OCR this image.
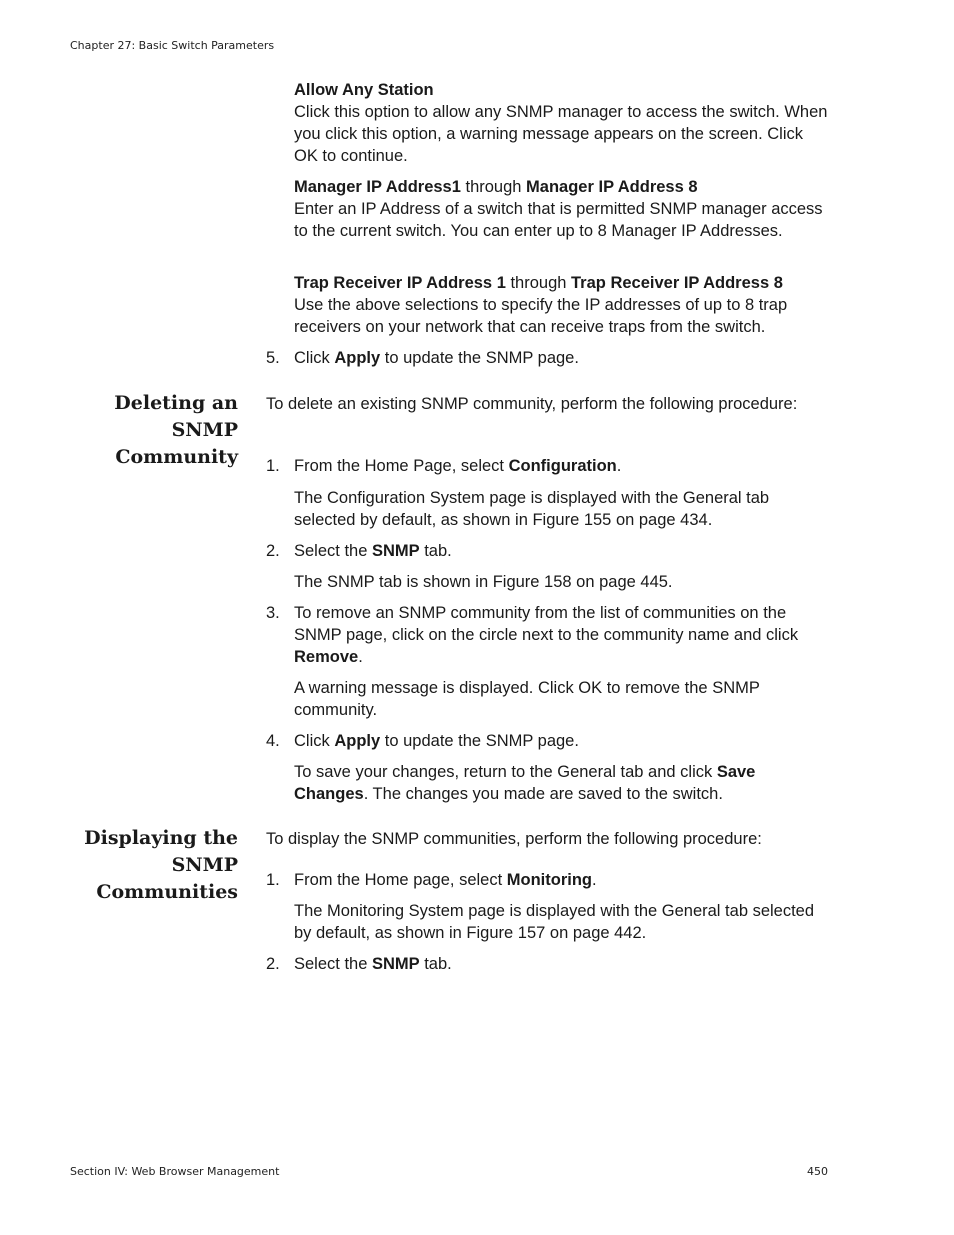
Chapter 27: Basic Switch Parameters

Allow Any Station

Click this option to allow any SNMP manager to access the switch. When you click this option, a warning message appears on the screen. Click OK to continue.

Manager IP Address1 through Manager IP Address 8

Enter an IP Address of a switch that is permitted SNMP manager access to the current switch. You can enter up to 8 Manager IP Addresses.

Trap Receiver IP Address 1 through Trap Receiver IP Address 8

Use the above selections to specify the IP addresses of up to 8 trap receivers on your network that can receive traps from the switch.

5. Click Apply to update the SNMP page.
Deleting an
SNMP
Community

To delete an existing SNMP community, perform the following procedure:

1. From the Home Page, select Configuration.

The Configuration System page is displayed with the General tab selected by default, as shown in Figure 155 on page 434.

2. Select the SNMP tab.

The SNMP tab is shown in Figure 158 on page 445.

3. To remove an SNMP community from the list of communities on the SNMP page, click on the circle next to the community name and click Remove.

A warning message is displayed. Click OK to remove the SNMP community.

4. Click Apply to update the SNMP page.

To save your changes, return to the General tab and click Save Changes. The changes you made are saved to the switch.

Displaying the
SNMP
Communities

To display the SNMP communities, perform the following procedure:

1. From the Home page, select Monitoring.

The Monitoring System page is displayed with the General tab selected by default, as shown in Figure 157 on page 442.

2. Select the SNMP tab.
Section IV: Web Browser Management	450
